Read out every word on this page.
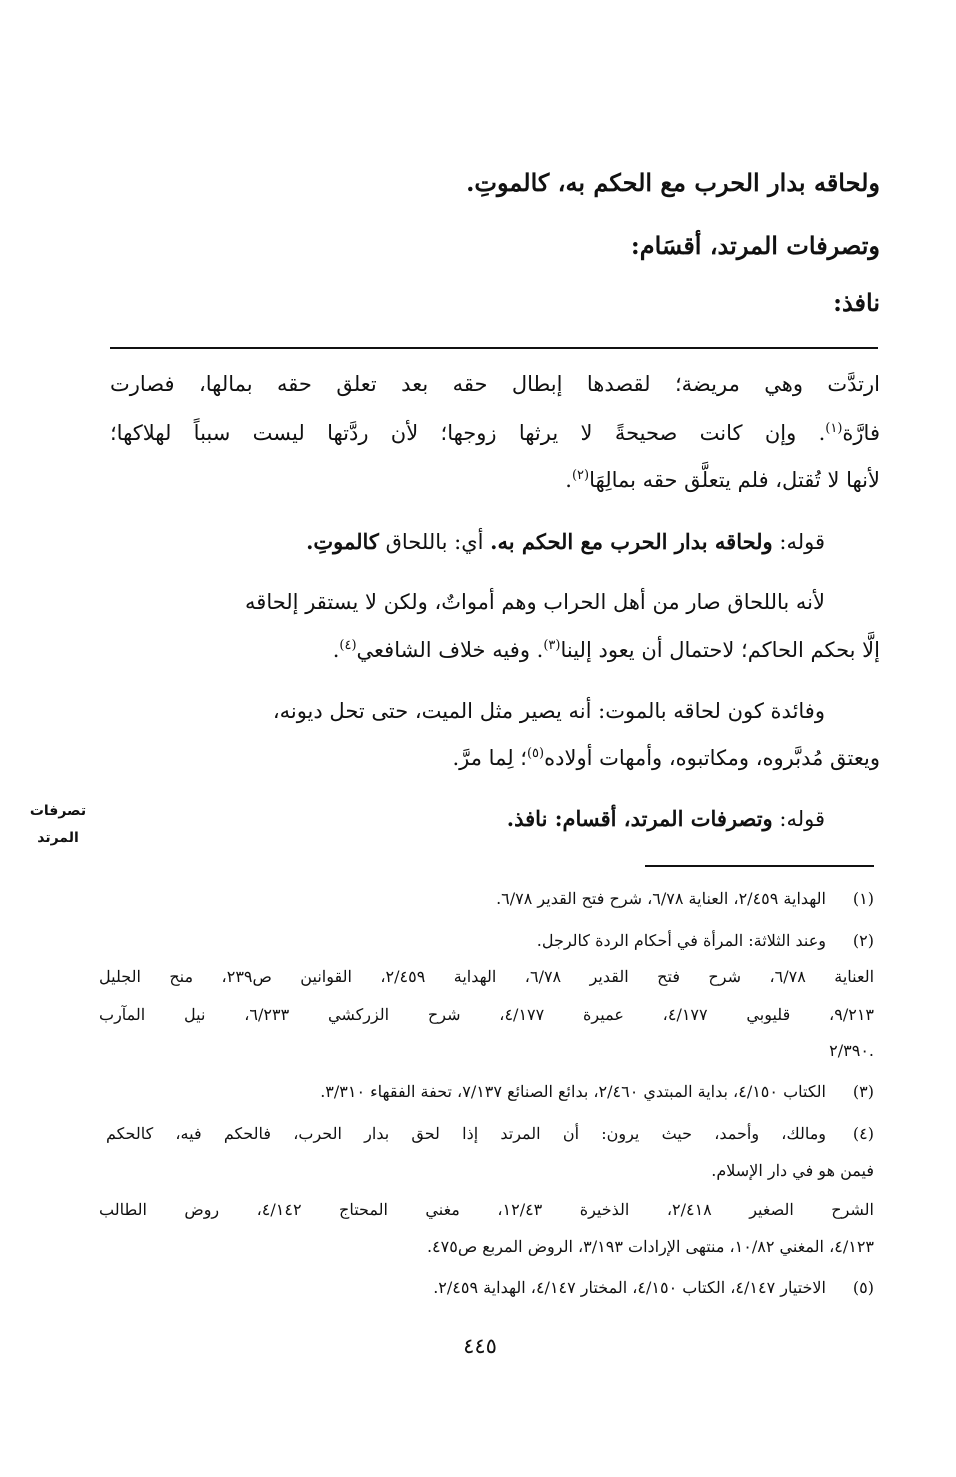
ولحاقه بدار الحرب مع الحكم به، كالموتِ.
وتصرفات المرتد، أقسَام:
نافذ:
ارتدَّت وهي مريضة؛ لقصدها إبطال حقه بعد تعلق حقه بمالها، فصارت
فارَّة$^{(١)}$. وإن كانت صحيحةً لا يرثها زوجها؛ لأن ردَّتها ليست سبباً لهلاكها؛
لأنها لا تُقتل، فلم يتعلَّق حقه بمالِهَا$^{(٢)}$.
قوله: ولحاقه بدار الحرب مع الحكم به. أي: باللحاق كالموتِ.
لأنه باللحاق صار من أهل الحراب وهم أمواتٌ، ولكن لا يستقر إلحاقه
إلَّا بحكم الحاكم؛ لاحتمال أن يعود إلينا$^{(٣)}$. وفيه خلاف الشافعي$^{(٤)}$.
وفائدة كون لحاقه بالموت: أنه يصير مثل الميت، حتى تحل ديونه،
ويعتق مُدبَّروه، ومكاتبوه، وأمهات أولاده$^{(٥)}$؛ لِما مرَّ.
قوله: وتصرفات المرتد، أقسام: نافذ.
تصرفات
المرتد
(١)
الهداية ٢/٤٥٩، العناية ٦/٧٨، شرح فتح القدير ٦/٧٨.
(٢)
وعند الثلاثة: المرأة في أحكام الردة كالرجل.
العناية ٦/٧٨، شرح فتح القدير ٦/٧٨، الهداية ٢/٤٥٩، القوانين ص٢٣٩، منح الجليل
٩/٢١٣، قليوبي ٤/١٧٧، عميرة ٤/١٧٧، شرح الزركشي ٦/٢٣٣، نيل المآرب
٢/٣٩٠.
(٣)
الكتاب ٤/١٥٠، بداية المبتدي ٢/٤٦٠، بدائع الصنائع ٧/١٣٧، تحفة الفقهاء ٣/٣١٠.
(٤)
ومالك، وأحمد، حيث يرون: أن المرتد إذا لحق بدار الحرب، فالحكم فيه، كالحكم
فيمن هو في دار الإسلام.
الشرح الصغير ٢/٤١٨، الذخيرة ١٢/٤٣، مغني المحتاج ٤/١٤٢، روض الطالب
٤/١٢٣، المغني ١٠/٨٢، منتهى الإرادات ٣/١٩٣، الروض المربع ص٤٧٥.
(٥)
الاختيار ٤/١٤٧، الكتاب ٤/١٥٠، المختار ٤/١٤٧، الهداية ٢/٤٥٩.
٤٤٥
